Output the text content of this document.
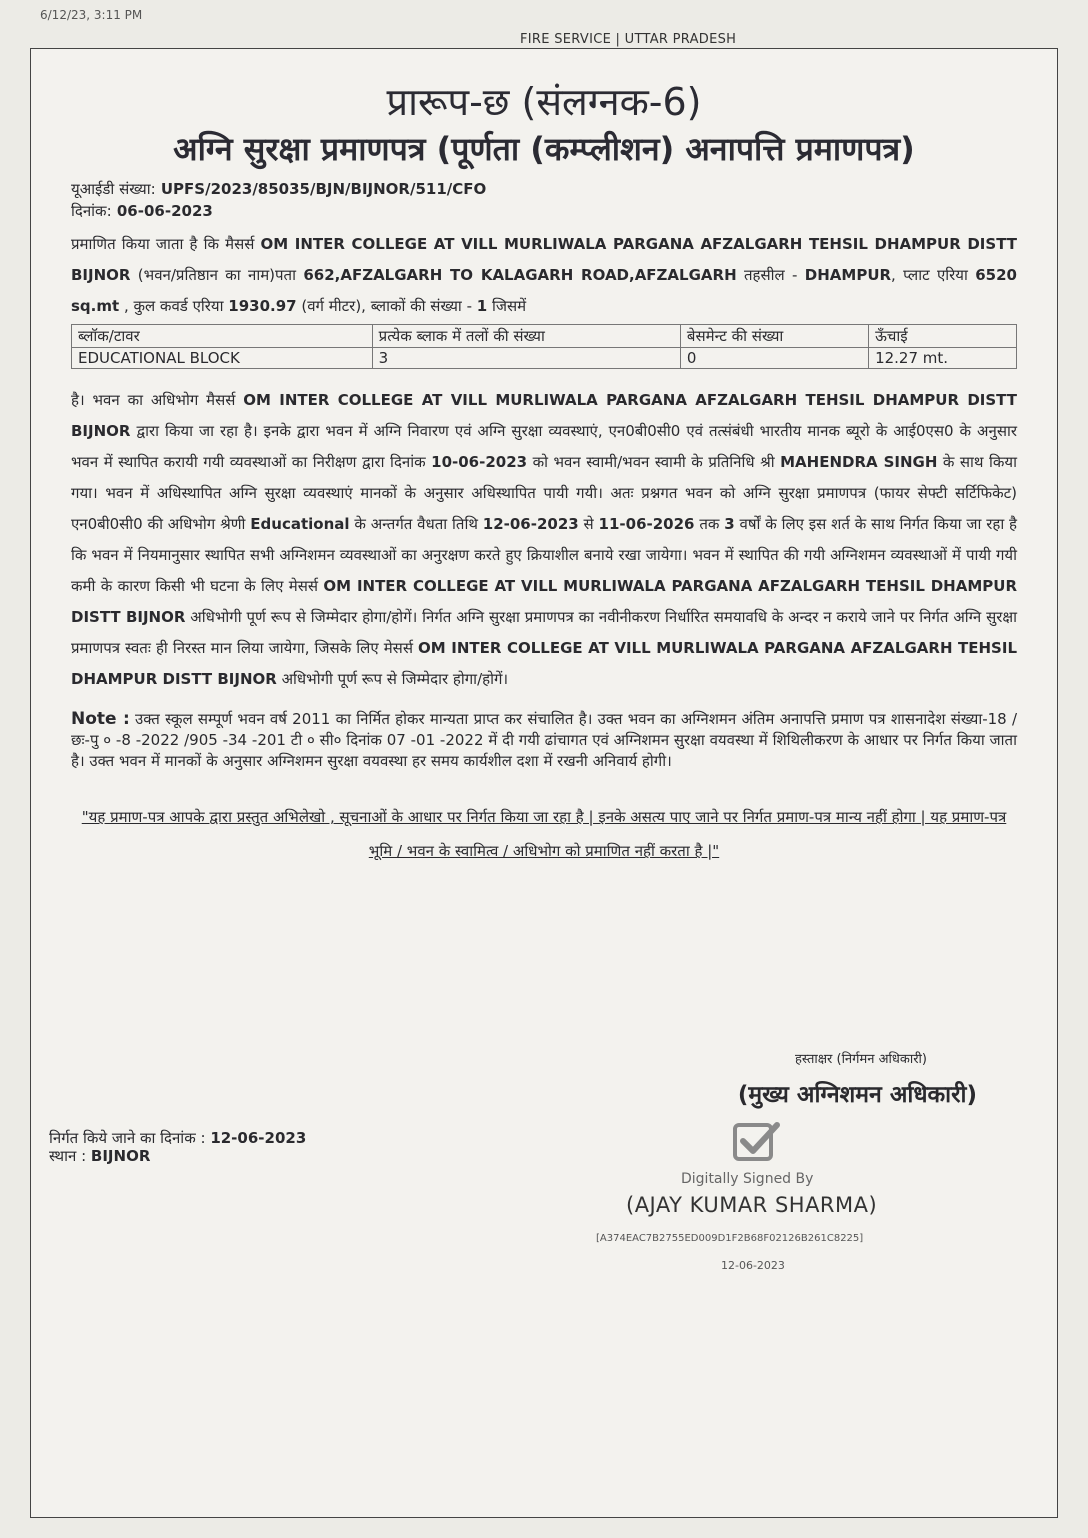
6/12/23, 3:11 PM
FIRE SERVICE | UTTAR PRADESH
प्रारूप-छ (संलग्नक-6)
अग्नि सुरक्षा प्रमाणपत्र (पूर्णता (कम्प्लीशन) अनापत्ति प्रमाणपत्र)
यूआईडी संख्या: UPFS/2023/85035/BJN/BIJNOR/511/CFO
दिनांक: 06-06-2023

प्रमाणित किया जाता है कि मैसर्स OM INTER COLLEGE AT VILL MURLIWALA PARGANA AFZALGARH TEHSIL DHAMPUR DISTT BIJNOR (भवन/प्रतिष्ठान का नाम)पता 662,AFZALGARH TO KALAGARH ROAD,AFZALGARH तहसील - DHAMPUR, प्लाट एरिया 6520 sq.mt , कुल कवर्ड एरिया 1930.97 (वर्ग मीटर), ब्लाकों की संख्या - 1 जिसमें

ब्लॉक/टावर	प्रत्येक ब्लाक में तलों की संख्या	बेसमेन्ट की संख्या	ऊँचाई
EDUCATIONAL BLOCK	3	0	12.27 mt.

है। भवन का अधिभोग मैसर्स OM INTER COLLEGE AT VILL MURLIWALA PARGANA AFZALGARH TEHSIL DHAMPUR DISTT BIJNOR द्वारा किया जा रहा है। इनके द्वारा भवन में अग्नि निवारण एवं अग्नि सुरक्षा व्यवस्थाएं, एन0बी0सी0 एवं तत्संबंधी भारतीय मानक ब्यूरो के आई0एस0 के अनुसार भवन में स्थापित करायी गयी व्यवस्थाओं का निरीक्षण द्वारा दिनांक 10-06-2023 को भवन स्वामी/भवन स्वामी के प्रतिनिधि श्री MAHENDRA SINGH के साथ किया गया। भवन में अधिस्थापित अग्नि सुरक्षा व्यवस्थाएं मानकों के अनुसार अधिस्थापित पायी गयी। अतः प्रश्नगत भवन को अग्नि सुरक्षा प्रमाणपत्र (फायर सेफ्टी सर्टिफिकेट) एन0बी0सी0 की अधिभोग श्रेणी Educational के अन्तर्गत वैधता तिथि 12-06-2023 से 11-06-2026 तक 3 वर्षों के लिए इस शर्त के साथ निर्गत किया जा रहा है कि भवन में नियमानुसार स्थापित सभी अग्निशमन व्यवस्थाओं का अनुरक्षण करते हुए क्रियाशील बनाये रखा जायेगा। भवन में स्थापित की गयी अग्निशमन व्यवस्थाओं में पायी गयी कमी के कारण किसी भी घटना के लिए मेसर्स OM INTER COLLEGE AT VILL MURLIWALA PARGANA AFZALGARH TEHSIL DHAMPUR DISTT BIJNOR अधिभोगी पूर्ण रूप से जिम्मेदार होगा/होगें। निर्गत अग्नि सुरक्षा प्रमाणपत्र का नवीनीकरण निर्धारित समयावधि के अन्दर न कराये जाने पर निर्गत अग्नि सुरक्षा प्रमाणपत्र स्वतः ही निरस्त मान लिया जायेगा, जिसके लिए मेसर्स OM INTER COLLEGE AT VILL MURLIWALA PARGANA AFZALGARH TEHSIL DHAMPUR DISTT BIJNOR अधिभोगी पूर्ण रूप से जिम्मेदार होगा/होगें।

Note : उक्त स्कूल सम्पूर्ण भवन वर्ष 2011 का निर्मित होकर मान्यता प्राप्त कर संचालित है। उक्त भवन का अग्निशमन अंतिम अनापत्ति प्रमाण पत्र शासनादेश संख्या-18 /छः-पु ० -8 -2022 /905 -34 -201 टी ० सी० दिनांक 07 -01 -2022 में दी गयी ढांचागत एवं अग्निशमन सुरक्षा वयवस्था में शिथिलीकरण के आधार पर निर्गत किया जाता है। उक्त भवन में मानकों के अनुसार अग्निशमन सुरक्षा वयवस्था हर समय कार्यशील दशा में रखनी अनिवार्य होगी।

"यह प्रमाण-पत्र आपके द्वारा प्रस्तुत अभिलेखो , सूचनाओं के आधार पर निर्गत किया जा रहा है | इनके असत्य पाए जाने पर निर्गत प्रमाण-पत्र मान्य नहीं होगा | यह प्रमाण-पत्र भूमि / भवन के स्वामित्व / अधिभोग को प्रमाणित नहीं करता है |"

हस्ताक्षर (निर्गमन अधिकारी)
(मुख्य अग्निशमन अधिकारी)
निर्गत किये जाने का दिनांक : 12-06-2023
स्थान : BIJNOR
Digitally Signed By
(AJAY KUMAR SHARMA)
[A374EAC7B2755ED009D1F2B68F02126B261C8225]
12-06-2023
